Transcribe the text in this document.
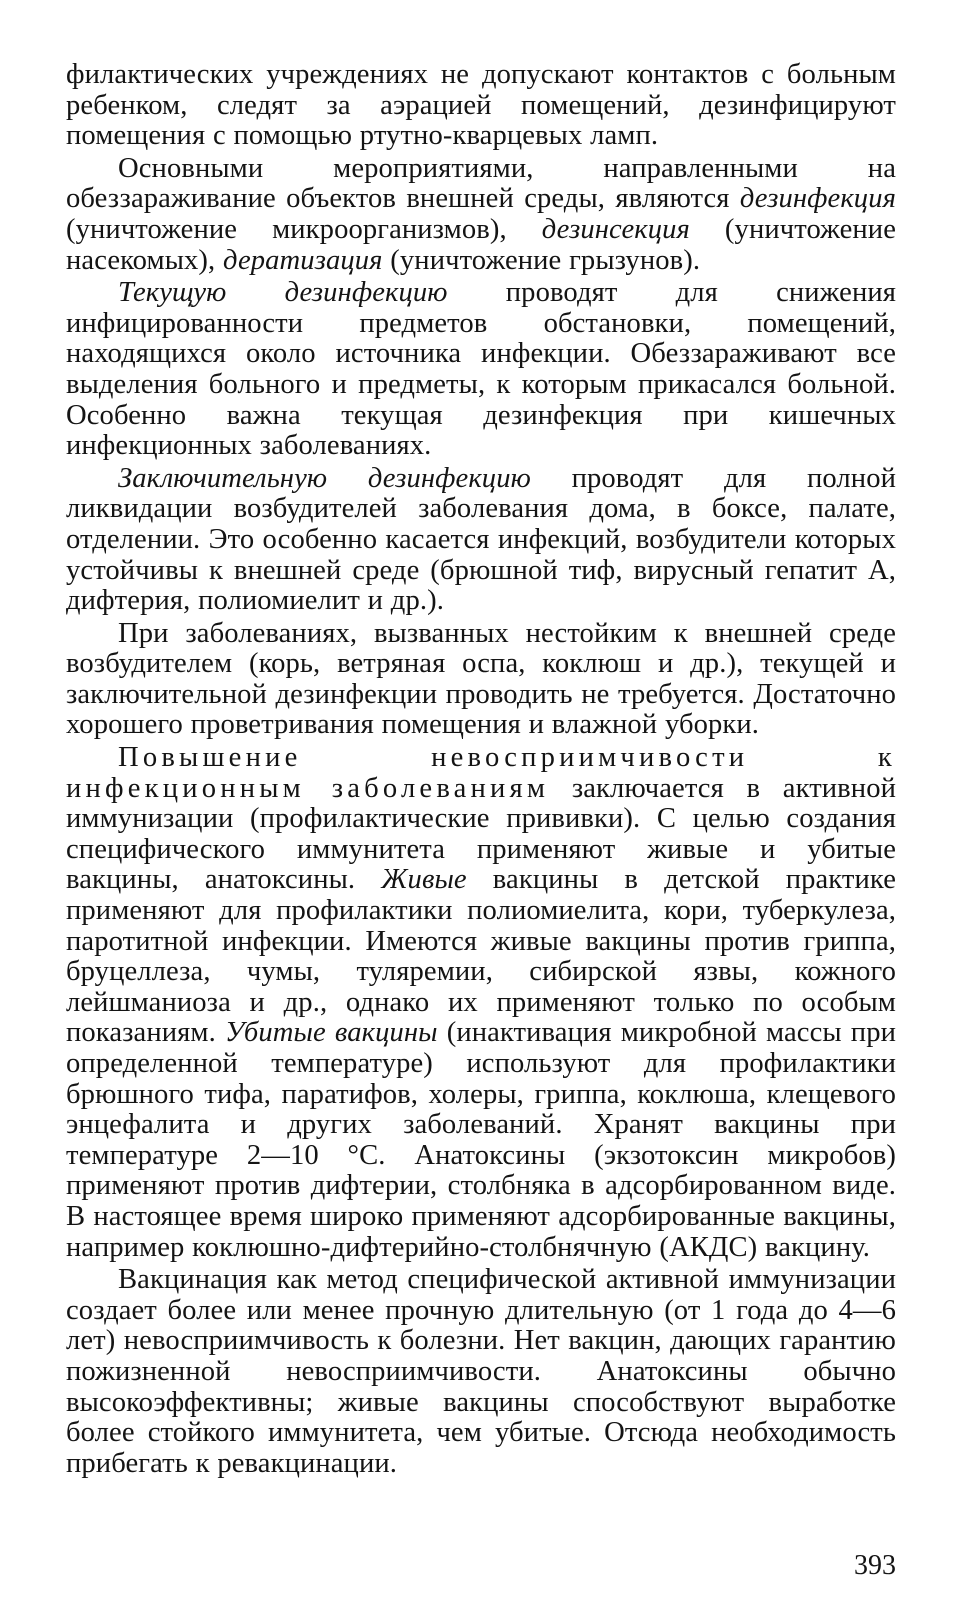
филактических учреждениях не допускают контактов с больным ребенком, следят за аэрацией помещений, дезинфицируют помещения с помощью ртутно-кварцевых ламп.

Основными мероприятиями, направленными на обеззараживание объектов внешней среды, являются дезинфекция (уничтожение микроорганизмов), дезинсекция (уничтожение насекомых), дератизация (уничтожение грызунов).

Текущую дезинфекцию проводят для снижения инфицированности предметов обстановки, помещений, находящихся около источника инфекции. Обеззараживают все выделения больного и предметы, к которым прикасался больной. Особенно важна текущая дезинфекция при кишечных инфекционных заболеваниях.

Заключительную дезинфекцию проводят для полной ликвидации возбудителей заболевания дома, в боксе, палате, отделении. Это особенно касается инфекций, возбудители которых устойчивы к внешней среде (брюшной тиф, вирусный гепатит А, дифтерия, полиомиелит и др.).

При заболеваниях, вызванных нестойким к внешней среде возбудителем (корь, ветряная оспа, коклюш и др.), текущей и заключительной дезинфекции проводить не требуется. Достаточно хорошего проветривания помещения и влажной уборки.

Повышение невосприимчивости к инфекционным заболеваниям заключается в активной иммунизации (профилактические прививки). С целью создания специфического иммунитета применяют живые и убитые вакцины, анатоксины. Живые вакцины в детской практике применяют для профилактики полиомиелита, кори, туберкулеза, паротитной инфекции. Имеются живые вакцины против гриппа, бруцеллеза, чумы, туляремии, сибирской язвы, кожного лейшманиоза и др., однако их применяют только по особым показаниям. Убитые вакцины (инактивация микробной массы при определенной температуре) используют для профилактики брюшного тифа, паратифов, холеры, гриппа, коклюша, клещевого энцефалита и других заболеваний. Хранят вакцины при температуре 2—10 °С. Анатоксины (экзотоксин микробов) применяют против дифтерии, столбняка в адсорбированном виде. В настоящее время широко применяют адсорбированные вакцины, например коклюшно-дифтерийно-столбнячную (АКДС) вакцину.

Вакцинация как метод специфической активной иммунизации создает более или менее прочную длительную (от 1 года до 4—6 лет) невосприимчивость к болезни. Нет вакцин, дающих гарантию пожизненной невосприимчивости. Анатоксины обычно высокоэффективны; живые вакцины способствуют выработке более стойкого иммунитета, чем убитые. Отсюда необходимость прибегать к ревакцинации.

393
